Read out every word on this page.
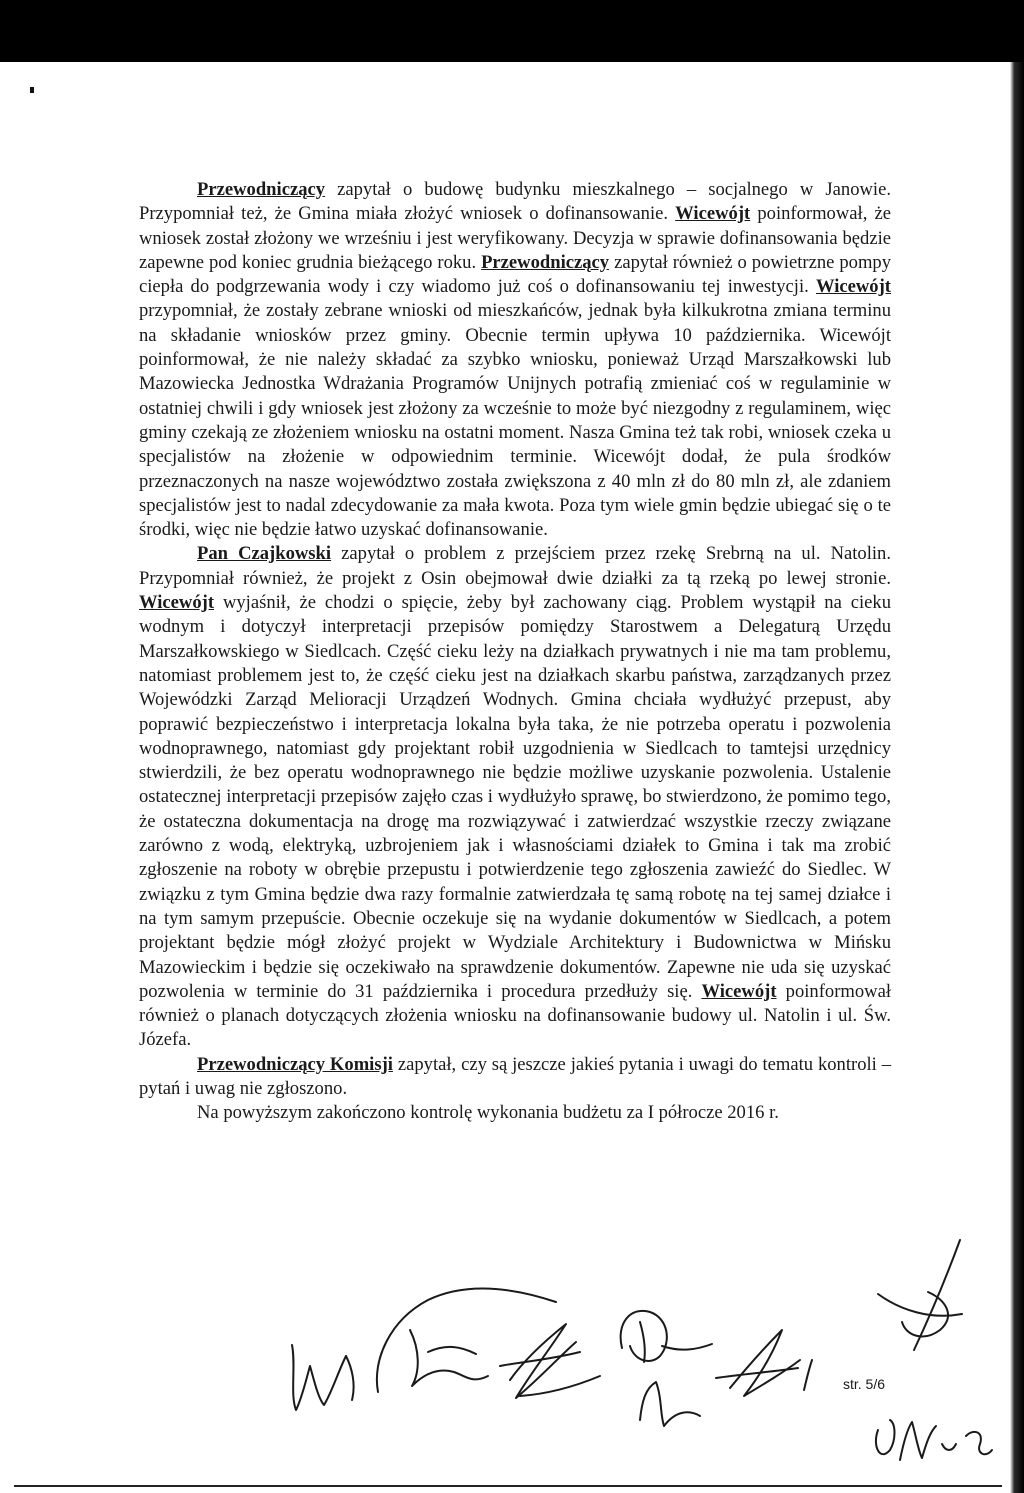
Przewodniczący zapytał o budowę budynku mieszkalnego – socjalnego w Janowie. Przypomniał też, że Gmina miała złożyć wniosek o dofinansowanie. Wicewójt poinformował, że wniosek został złożony we wrześniu i jest weryfikowany. Decyzja w sprawie dofinansowania będzie zapewne pod koniec grudnia bieżącego roku. Przewodniczący zapytał również o powietrzne pompy ciepła do podgrzewania wody i czy wiadomo już coś o dofinansowaniu tej inwestycji. Wicewójt przypomniał, że zostały zebrane wnioski od mieszkańców, jednak była kilkukrotna zmiana terminu na składanie wniosków przez gminy. Obecnie termin upływa 10 października. Wicewójt poinformował, że nie należy składać za szybko wniosku, ponieważ Urząd Marszałkowski lub Mazowiecka Jednostka Wdrażania Programów Unijnych potrafią zmieniać coś w regulaminie w ostatniej chwili i gdy wniosek jest złożony za wcześnie to może być niezgodny z regulaminem, więc gminy czekają ze złożeniem wniosku na ostatni moment. Nasza Gmina też tak robi, wniosek czeka u specjalistów na złożenie w odpowiednim terminie. Wicewójt dodał, że pula środków przeznaczonych na nasze województwo została zwiększona z 40 mln zł do 80 mln zł, ale zdaniem specjalistów jest to nadal zdecydowanie za mała kwota. Poza tym wiele gmin będzie ubiegać się o te środki, więc nie będzie łatwo uzyskać dofinansowanie.

Pan Czajkowski zapytał o problem z przejściem przez rzekę Srebrną na ul. Natolin. Przypomniał również, że projekt z Osin obejmował dwie działki za tą rzeką po lewej stronie. Wicewójt wyjaśnił, że chodzi o spięcie, żeby był zachowany ciąg. Problem wystąpił na cieku wodnym i dotyczył interpretacji przepisów pomiędzy Starostwem a Delegaturą Urzędu Marszałkowskiego w Siedlcach. Część cieku leży na działkach prywatnych i nie ma tam problemu, natomiast problemem jest to, że część cieku jest na działkach skarbu państwa, zarządzanych przez Wojewódzki Zarząd Melioracji Urządzeń Wodnych. Gmina chciała wydłużyć przepust, aby poprawić bezpieczeństwo i interpretacja lokalna była taka, że nie potrzeba operatu i pozwolenia wodnoprawnego, natomiast gdy projektant robił uzgodnienia w Siedlcach to tamtejsi urzędnicy stwierdzili, że bez operatu wodnoprawnego nie będzie możliwe uzyskanie pozwolenia. Ustalenie ostatecznej interpretacji przepisów zajęło czas i wydłużyło sprawę, bo stwierdzono, że pomimo tego, że ostateczna dokumentacja na drogę ma rozwiązywać i zatwierdzać wszystkie rzeczy związane zarówno z wodą, elektryką, uzbrojeniem jak i własnościami działek to Gmina i tak ma zrobić zgłoszenie na roboty w obrębie przepustu i potwierdzenie tego zgłoszenia zawieźć do Siedlec. W związku z tym Gmina będzie dwa razy formalnie zatwierdzała tę samą robotę na tej samej działce i na tym samym przepuście. Obecnie oczekuje się na wydanie dokumentów w Siedlcach, a potem projektant będzie mógł złożyć projekt w Wydziale Architektury i Budownictwa w Mińsku Mazowieckim i będzie się oczekiwało na sprawdzenie dokumentów. Zapewne nie uda się uzyskać pozwolenia w terminie do 31 października i procedura przedłuży się. Wicewójt poinformował również o planach dotyczących złożenia wniosku na dofinansowanie budowy ul. Natolin i ul. Św. Józefa.

Przewodniczący Komisji zapytał, czy są jeszcze jakieś pytania i uwagi do tematu kontroli – pytań i uwag nie zgłoszono.

Na powyższym zakończono kontrolę wykonania budżetu za I półrocze 2016 r.

str. 5/6
